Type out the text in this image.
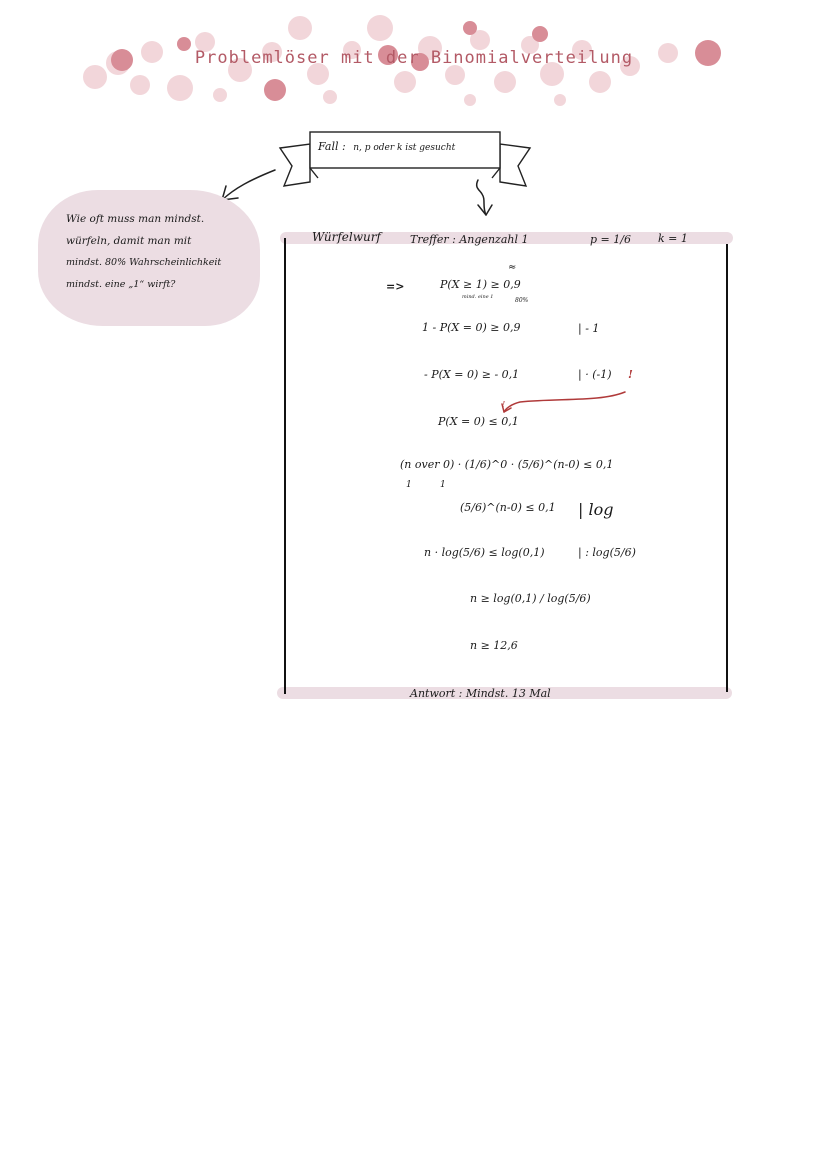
Problemlöser mit der Binomialverteilung
Fall : n, p oder k ist gesucht
Wie oft muss man mindst.
würfeln, damit man mit
mindst. 80% Wahrscheinlichkeit
mindst. eine „1“ wirft?
Würfelwurf	Treffer : Angenzahl 1	p = 1/6 k = 1
=>	P(X ≥ 1) ≥ 0,9
≈
mind. eine 1	80%
1 - P(X = 0) ≥ 0,9	| - 1
- P(X = 0) ≥ - 0,1	| · (-1) !
P(X = 0) ≤ 0,1
!
(n over 0) · (1/6)^0 · (5/6)^(n-0) ≤ 0,1
1	1
(5/6)^(n-0) ≤ 0,1 | log
n · log(5/6) ≤ log(0,1)	| : log(5/6)
n ≥ log(0,1) / log(5/6)
n ≥ 12,6
Antwort : Mindst. 13 Mal
